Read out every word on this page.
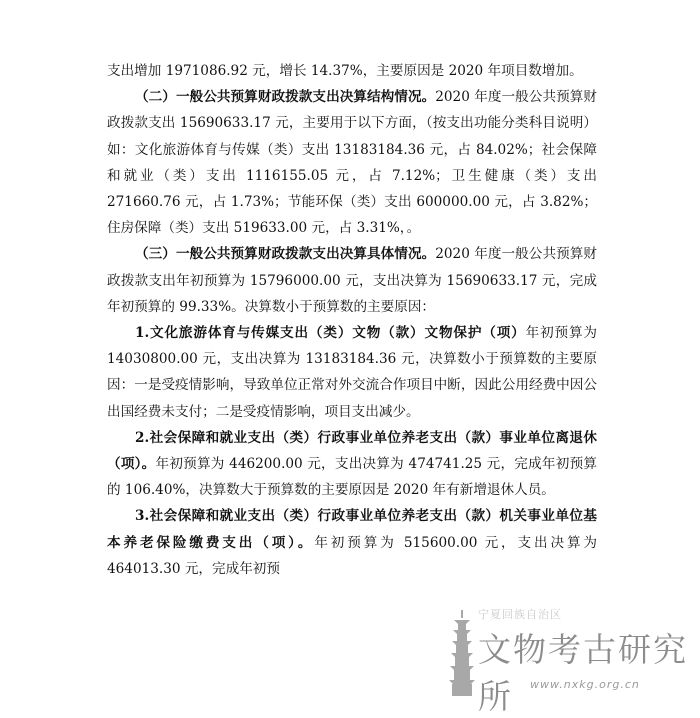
支出增加 1971086.92 元，增长 14.37%，主要原因是 2020 年项目数增加。

（二）一般公共预算财政拨款支出决算结构情况。2020 年度一般公共预算财政拨款支出 15690633.17 元，主要用于以下方面，（按支出功能分类科目说明）如：文化旅游体育与传媒（类）支出 13183184.36 元，占 84.02%；社会保障和就业（类）支出 1116155.05 元，占 7.12%；卫生健康（类）支出 271660.76 元，占 1.73%；节能环保（类）支出 600000.00 元，占 3.82%；住房保障（类）支出 519633.00 元，占 3.31%，。

（三）一般公共预算财政拨款支出决算具体情况。2020 年度一般公共预算财政拨款支出年初预算为 15796000.00 元，支出决算为 15690633.17 元，完成年初预算的 99.33%。决算数小于预算数的主要原因：

1.文化旅游体育与传媒支出（类）文物（款）文物保护（项）年初预算为 14030800.00 元，支出决算为 13183184.36 元，决算数小于预算数的主要原因：一是受疫情影响，导致单位正常对外交流合作项目中断，因此公用经费中因公出国经费未支付；二是受疫情影响，项目支出减少。

2.社会保障和就业支出（类）行政事业单位养老支出（款）事业单位离退休（项）。年初预算为 446200.00 元，支出决算为 474741.25 元，完成年初预算的 106.40%，决算数大于预算数的主要原因是 2020 年有新增退休人员。

3.社会保障和就业支出（类）行政事业单位养老支出（款）机关事业单位基本养老保险缴费支出（项）。年初预算为 515600.00 元，支出决算为 464013.30 元，完成年初预

宁夏回族自治区
文物考古研究所	www.nxkg.org.cn
